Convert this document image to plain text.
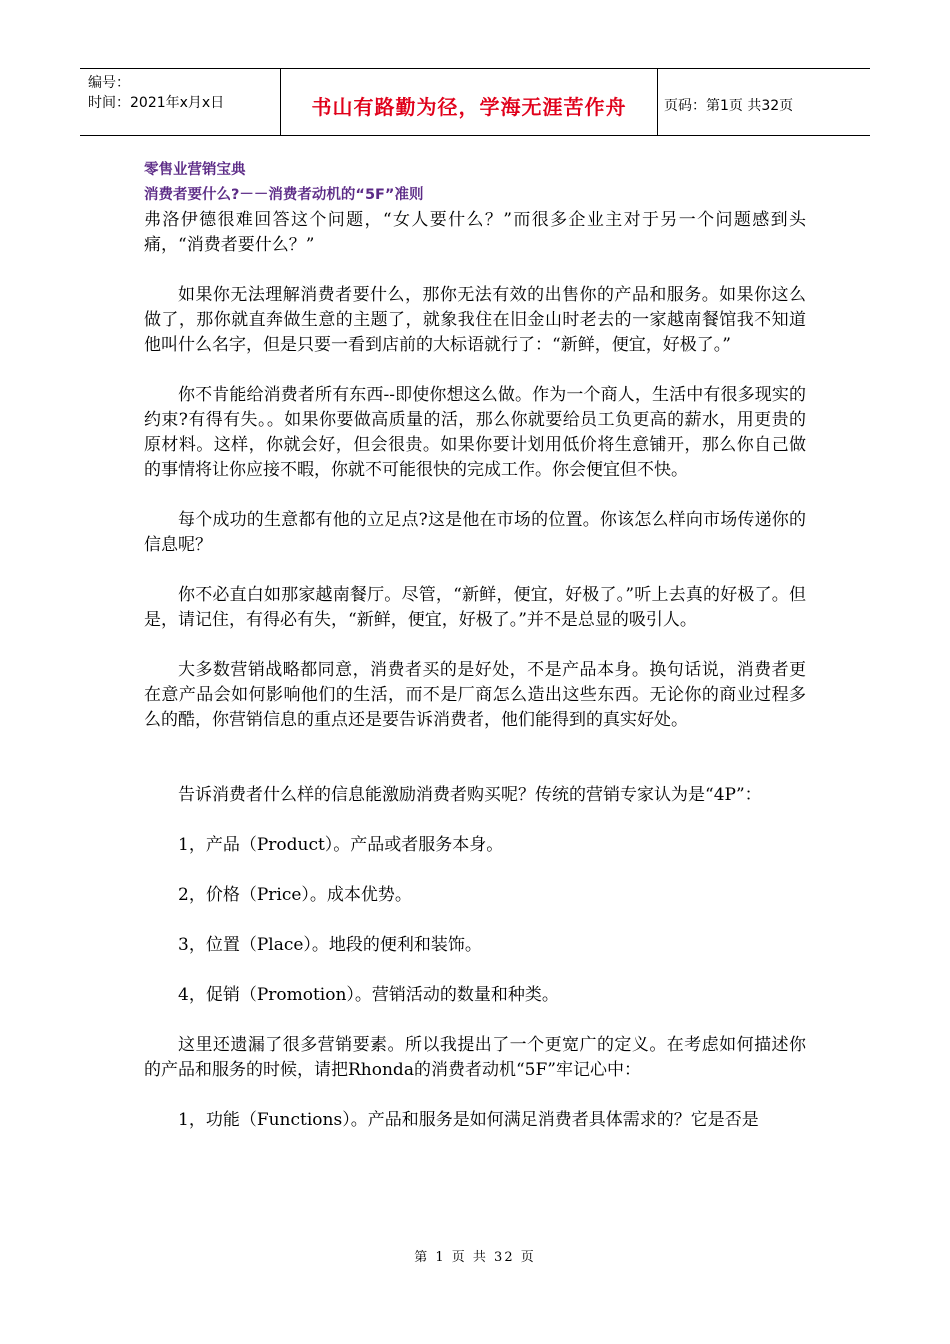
编号：
时间：2021年x月x日	书山有路勤为径，学海无涯苦作舟	页码：第1页 共32页
零售业营销宝典
消费者要什么?－－消费者动机的“5F”准则

弗洛伊德很难回答这个问题，“女人要什么？”而很多企业主对于另一个问题感到头痛，“消费者要什么？”

如果你无法理解消费者要什么，那你无法有效的出售你的产品和服务。如果你这么做了，那你就直奔做生意的主题了，就象我住在旧金山时老去的一家越南餐馆我不知道他叫什么名字，但是只要一看到店前的大标语就行了：“新鲜，便宜，好极了。”

你不肯能给消费者所有东西--即使你想这么做。作为一个商人，生活中有很多现实的约束?有得有失。。如果你要做高质量的活，那么你就要给员工负更高的薪水，用更贵的原材料。这样，你就会好，但会很贵。如果你要计划用低价将生意铺开，那么你自己做的事情将让你应接不暇，你就不可能很快的完成工作。你会便宜但不快。

每个成功的生意都有他的立足点?这是他在市场的位置。你该怎么样向市场传递你的信息呢？

你不必直白如那家越南餐厅。尽管，“新鲜，便宜，好极了。”听上去真的好极了。但是，请记住，有得必有失，“新鲜，便宜，好极了。”并不是总显的吸引人。

大多数营销战略都同意，消费者买的是好处，不是产品本身。换句话说，消费者更在意产品会如何影响他们的生活，而不是厂商怎么造出这些东西。无论你的商业过程多么的酷，你营销信息的重点还是要告诉消费者，他们能得到的真实好处。

告诉消费者什么样的信息能激励消费者购买呢？传统的营销专家认为是“4P”：

1，产品（Product）。产品或者服务本身。

2，价格（Price）。成本优势。

3，位置（Place）。地段的便利和装饰。

4，促销（Promotion）。营销活动的数量和种类。

这里还遗漏了很多营销要素。所以我提出了一个更宽广的定义。在考虑如何描述你的产品和服务的时候，请把Rhonda的消费者动机“5F”牢记心中：

1，功能（Functions）。产品和服务是如何满足消费者具体需求的？它是否是

第 1 页 共 32 页
